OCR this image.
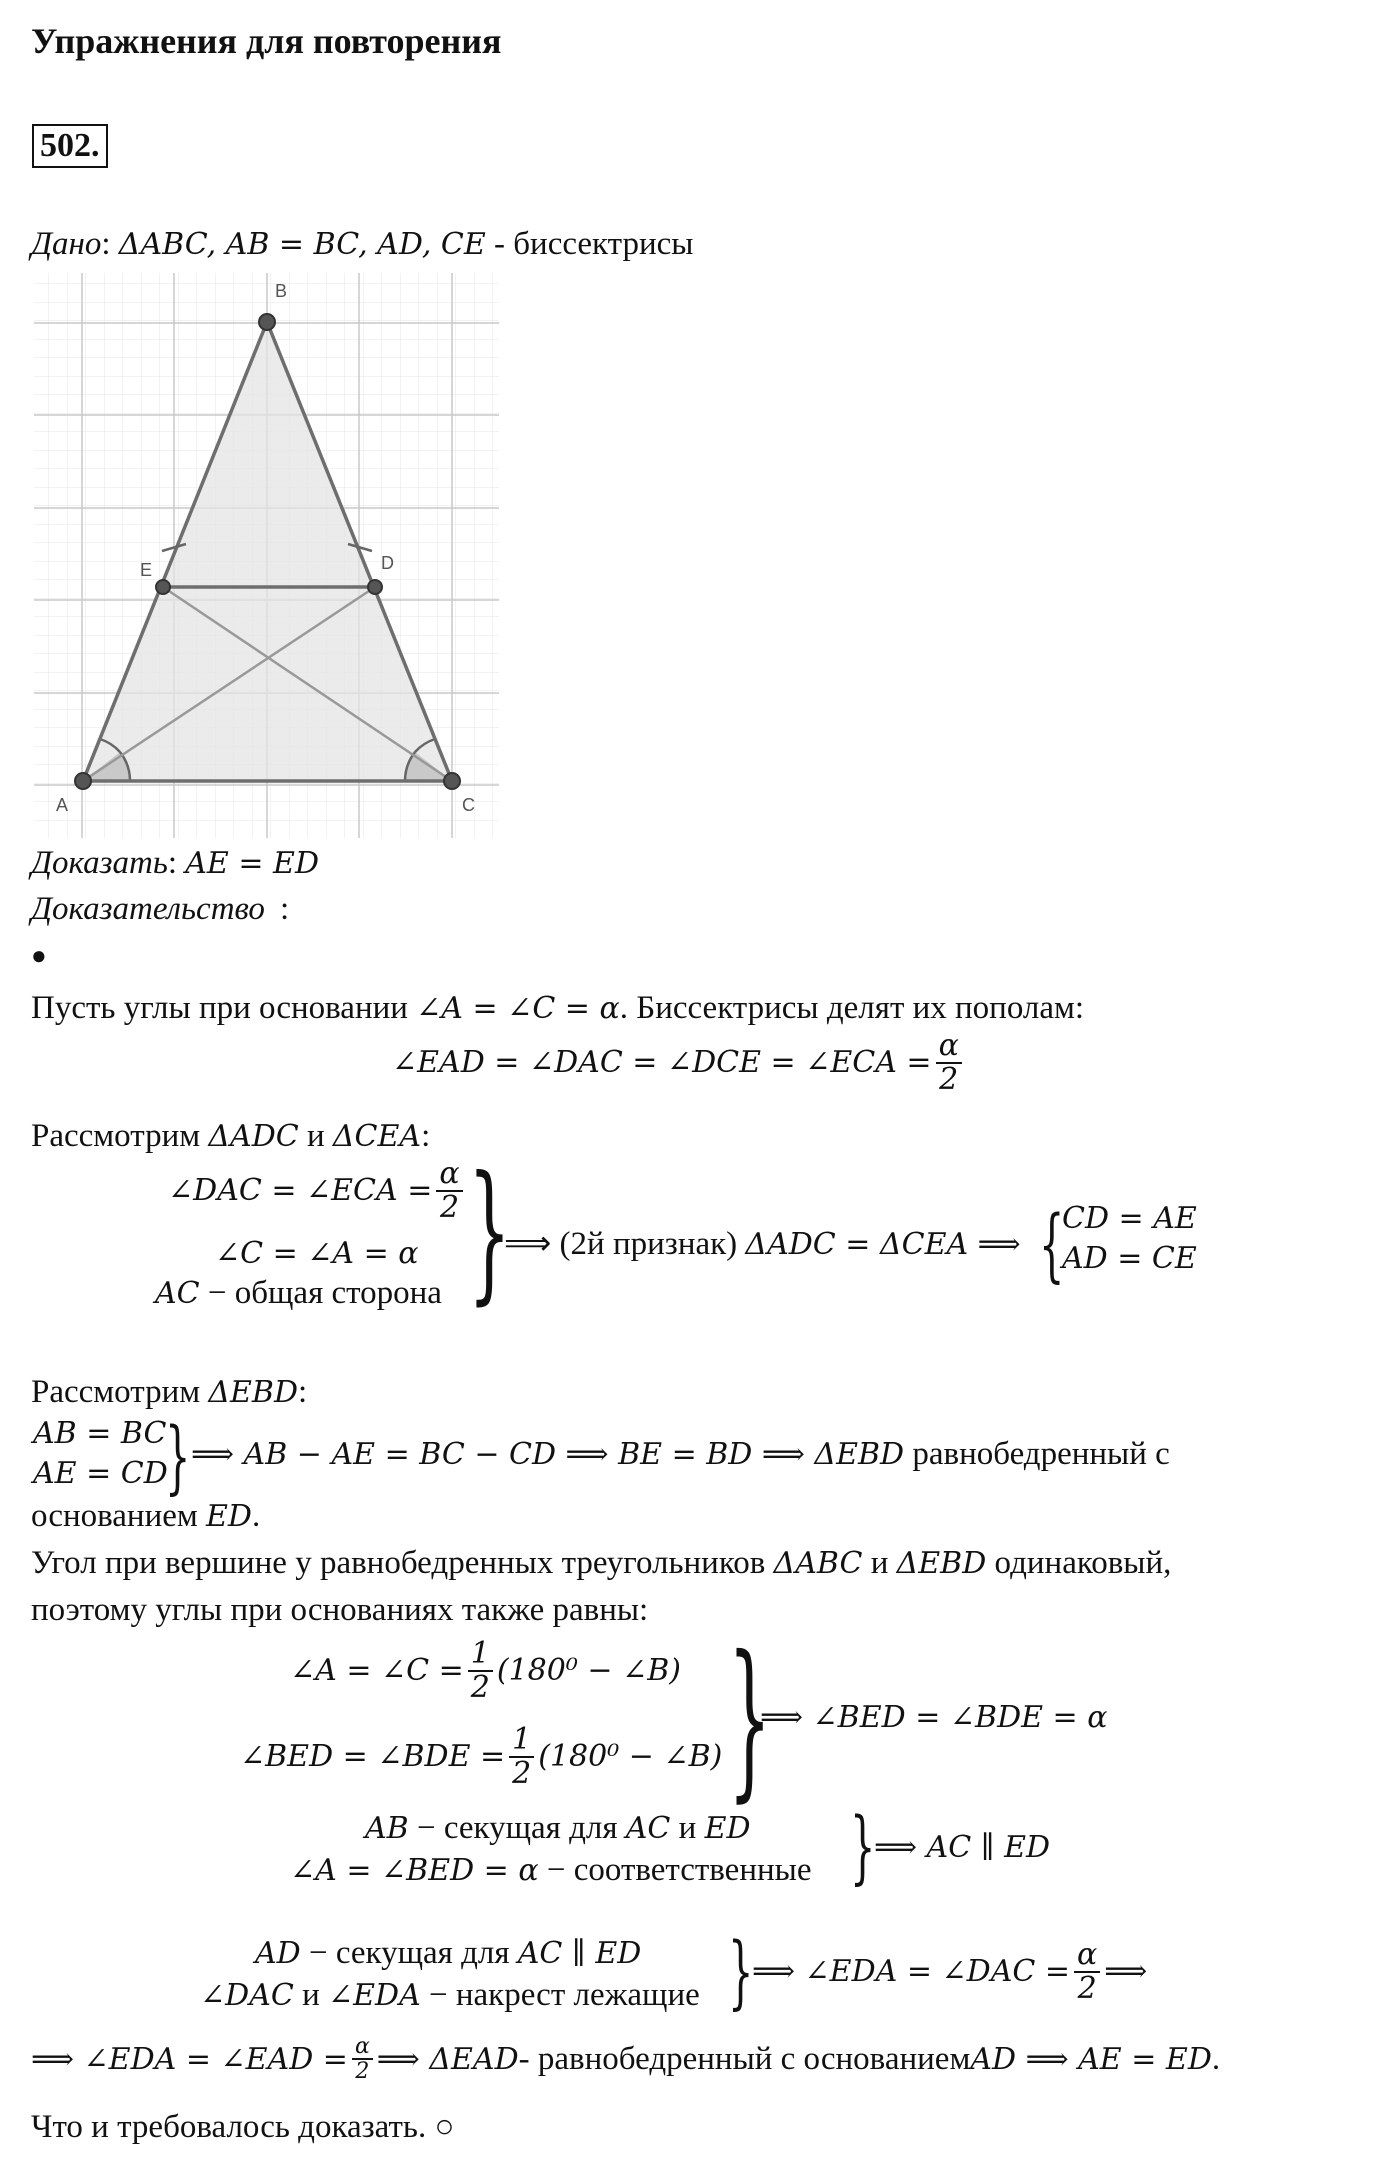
Упражнения для повторения
502.
Дано: ΔABC, AB = BC, AD, CE - биссектрисы
B
A	C
E	D
Доказать: AE = ED
Доказательство :
●
Пусть углы при основании ∠A = ∠C = α. Биссектрисы делят их пополам:
∠EAD = ∠DAC = ∠DCE = ∠ECA = $\frac{\alpha}{2}$
Рассмотрим ΔADC и ΔCEA:
∠DAC = ∠ECA = $\frac{\alpha}{2}$
∠C = ∠A = α
AC − общая сторона }
⟹ (2й признак) ΔADC = ΔCEA ⟹ {
CD = AE
AD = CE
Рассмотрим ΔEBD:
AB = BC
AE = CD
} ⟹ AB − AE = BC − CD ⟹ BE = BD ⟹ ΔEBD равнобедренный с
основанием ED.
Угол при вершине у равнобедренных треугольников ΔABC и ΔEBD одинаковый,
поэтому углы при основаниях также равны:
∠A = ∠C = $\frac{1}{2} (180^0$ − ∠B)
∠BED = ∠BDE = $\frac{1}{2} (180^0$ − ∠B) }
⟹ ∠BED = ∠BDE = α
AB − секущая для AC и ED
∠A = ∠BED = α − соответственные }
⟹ AC ∥ ED
AD − секущая для AC ∥ ED
∠DAC и ∠EDA − накрест лежащие }
⟹ ∠EDA = ∠DAC = $\frac{\alpha}{2}$ ⟹
⟹ ∠EDA = ∠EAD = $\frac{\alpha}{2}$ ⟹ ΔEAD - равнобедренный с основанием AD ⟹ AE = ED .
Что и требовалось доказать. ○
